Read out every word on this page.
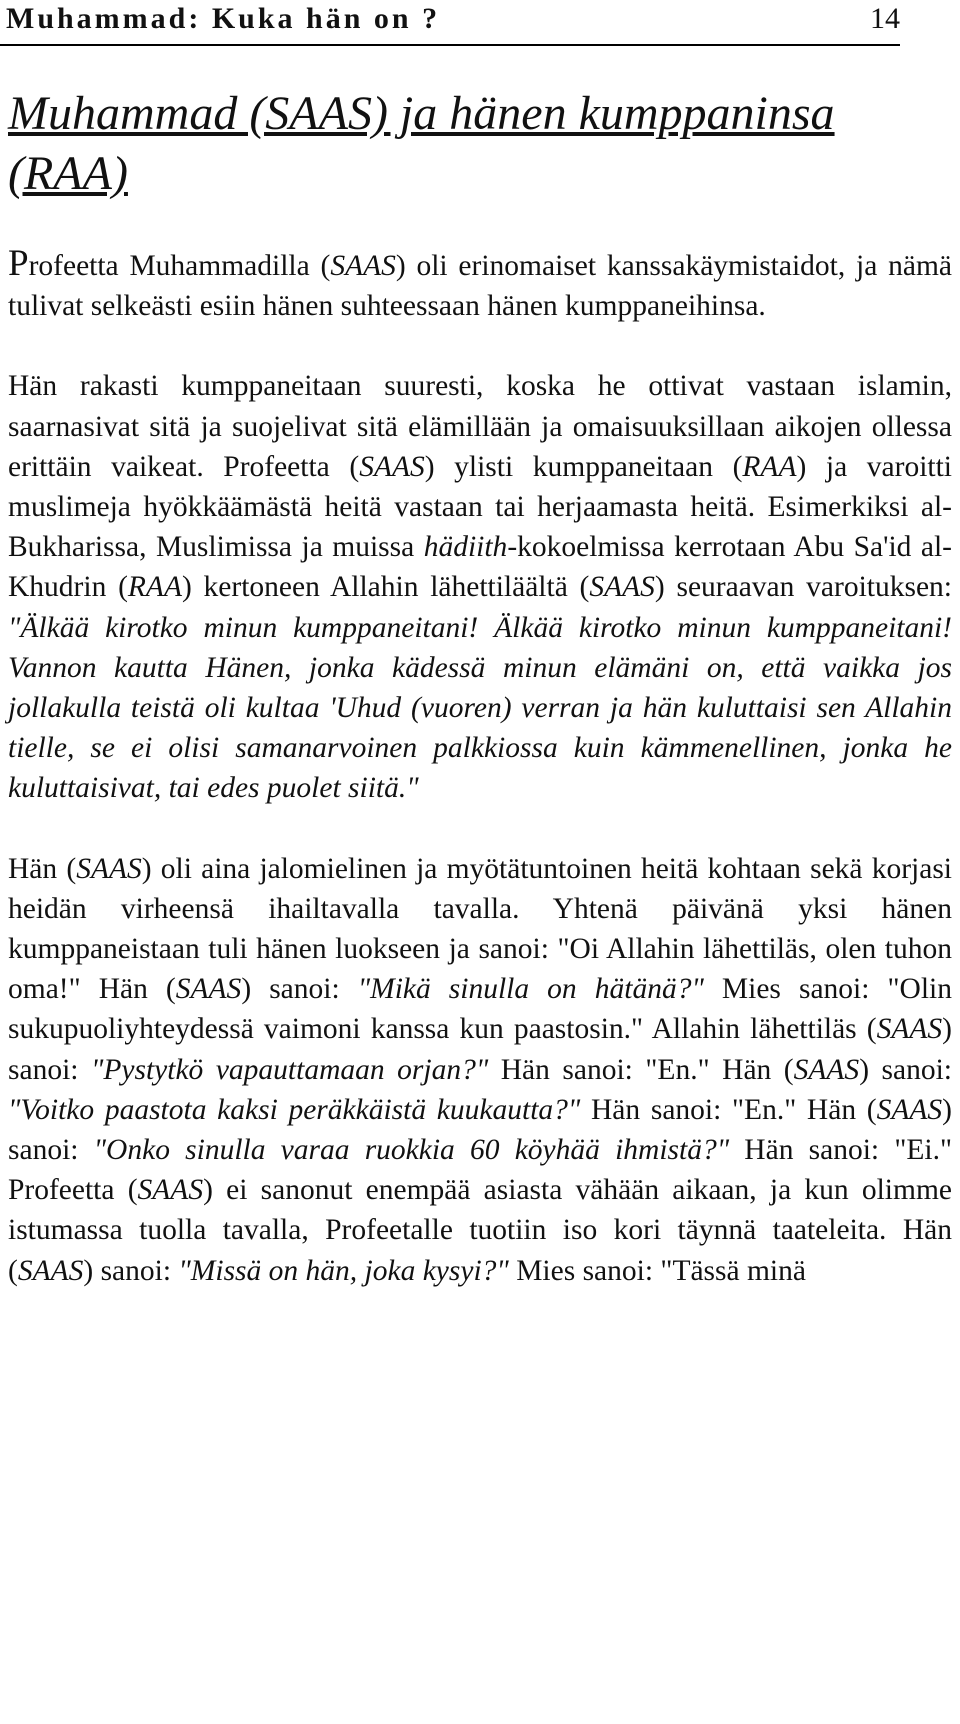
Muhammad: Kuka hän on ?	14
Muhammad (SAAS) ja hänen kumppaninsa (RAA)

Profeetta Muhammadilla (SAAS) oli erinomaiset kanssakäymistaidot, ja nämä tulivat selkeästi esiin hänen suhteessaan hänen kumppaneihinsa.

Hän rakasti kumppaneitaan suuresti, koska he ottivat vastaan islamin, saarnasivat sitä ja suojelivat sitä elämillään ja omaisuuksillaan aikojen ollessa erittäin vaikeat. Profeetta (SAAS) ylisti kumppaneitaan (RAA) ja varoitti muslimeja hyökkäämästä heitä vastaan tai herjaamasta heitä. Esimerkiksi al-Bukharissa, Muslimissa ja muissa hädiith-kokoelmissa kerrotaan Abu Sa'id al-Khudrin (RAA) kertoneen Allahin lähettiläältä (SAAS) seuraavan varoituksen: "Älkää kirotko minun kumppaneitani! Älkää kirotko minun kumppaneitani! Vannon kautta Hänen, jonka kädessä minun elämäni on, että vaikka jos jollakulla teistä oli kultaa 'Uhud (vuoren) verran ja hän kuluttaisi sen Allahin tielle, se ei olisi samanarvoinen palkkiossa kuin kämmenellinen, jonka he kuluttaisivat, tai edes puolet siitä."

Hän (SAAS) oli aina jalomielinen ja myötätuntoinen heitä kohtaan sekä korjasi heidän virheensä ihailtavalla tavalla. Yhtenä päivänä yksi hänen kumppaneistaan tuli hänen luokseen ja sanoi: "Oi Allahin lähettiläs, olen tuhon oma!" Hän (SAAS) sanoi: "Mikä sinulla on hätänä?" Mies sanoi: "Olin sukupuoliyhteydessä vaimoni kanssa kun paastosin." Allahin lähettiläs (SAAS) sanoi: "Pystytkö vapauttamaan orjan?" Hän sanoi: "En." Hän (SAAS) sanoi: "Voitko paastota kaksi peräkkäistä kuukautta?" Hän sanoi: "En." Hän (SAAS) sanoi: "Onko sinulla varaa ruokkia 60 köyhää ihmistä?" Hän sanoi: "Ei." Profeetta (SAAS) ei sanonut enempää asiasta vähään aikaan, ja kun olimme istumassa tuolla tavalla, Profeetalle tuotiin iso kori täynnä taateleita. Hän (SAAS) sanoi: "Missä on hän, joka kysyi?" Mies sanoi: "Tässä minä
